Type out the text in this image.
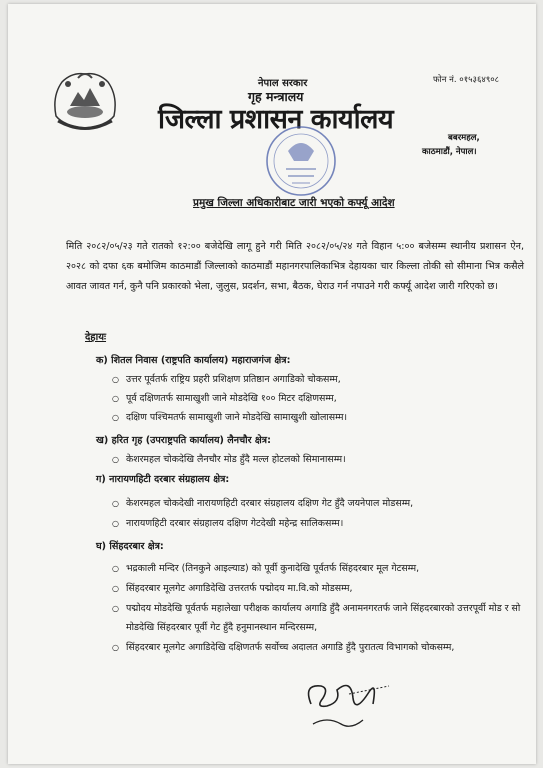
नेपाल सरकार
गृह मन्त्रालय
जिल्ला प्रशासन कार्यालय
फोन नं. ०१५३६४९०८
बबरमहल,
काठमाडौं, नेपाल।
प्रमुख जिल्ला अधिकारीबाट जारी भएको कर्फ्यू आदेश
मिति २०८२/०५/२३ गते रातको १२:०० बजेदेखि लागू हुने गरी मिति २०८२/०५/२४ गते विहान ५:०० बजेसम्म स्थानीय प्रशासन ऐन, २०२८ को दफा ६क बमोजिम काठमाडौं जिल्लाको काठमाडौं महानगरपालिकाभित्र देहायका चार किल्ला तोकी सो सीमाना भित्र कसैले आवत जावत गर्न, कुनै पनि प्रकारको भेला, जुलुस, प्रदर्शन, सभा, बैठक, घेराउ गर्न नपाउने गरी कर्फ्यू आदेश जारी गरिएको छ।
देहायः
क) शितल निवास (राष्ट्रपति कार्यालय) महाराजगंज क्षेत्र:
○ उत्तर पूर्वतर्फ राष्ट्रिय प्रहरी प्रशिक्षण प्रतिष्ठान अगाडिको चोकसम्म,
○ पूर्व दक्षिणतर्फ सामाखुशी जाने मोडदेखि १०० मिटर दक्षिणसम्म,
○ दक्षिण पश्चिमतर्फ सामाखुशी जाने मोडदेखि सामाखुशी खोलासम्म।
ख) हरित गृह (उपराष्ट्रपति कार्यालय) लैनचौर क्षेत्र:
○ केशरमहल चोकदेखि लैनचौर मोड हुँदै मल्ल होटलको सिमानासम्म।
ग) नारायणहिटी दरबार संग्रहालय क्षेत्र:
○ केशरमहल चोकदेखी नारायणहिटी दरबार संग्रहालय दक्षिण गेट हुँदै जयनेपाल मोडसम्म,
○ नारायणहिटी दरबार संग्रहालय दक्षिण गेटदेखी महेन्द्र सालिकसम्म।
घ) सिंहदरबार क्षेत्र:
○ भद्रकाली मन्दिर (तिनकुने आइल्याड) को पूर्वी कुनादेखि पूर्वतर्फ सिंहदरबार मूल गेटसम्म,
○ सिंहदरबार मूलगेट अगाडिदेखि उत्तरतर्फ पद्मोदय मा.वि.को मोडसम्म,
○ पद्मोदय मोडदेखि पूर्वतर्फ महालेखा परीक्षक कार्यालय अगाडि हुँदै अनामनगरतर्फ जाने सिंहदरबारको उत्तरपूर्वी मोड र सो मोडदेखि सिंहदरबार पूर्वी गेट हुँदै हनुमानस्थान मन्दिरसम्म,
○ सिंहदरबार मूलगेट अगाडिदेखि दक्षिणतर्फ सर्वोच्च अदालत अगाडि हुँदै पुरातत्व विभागको चोकसम्म,
